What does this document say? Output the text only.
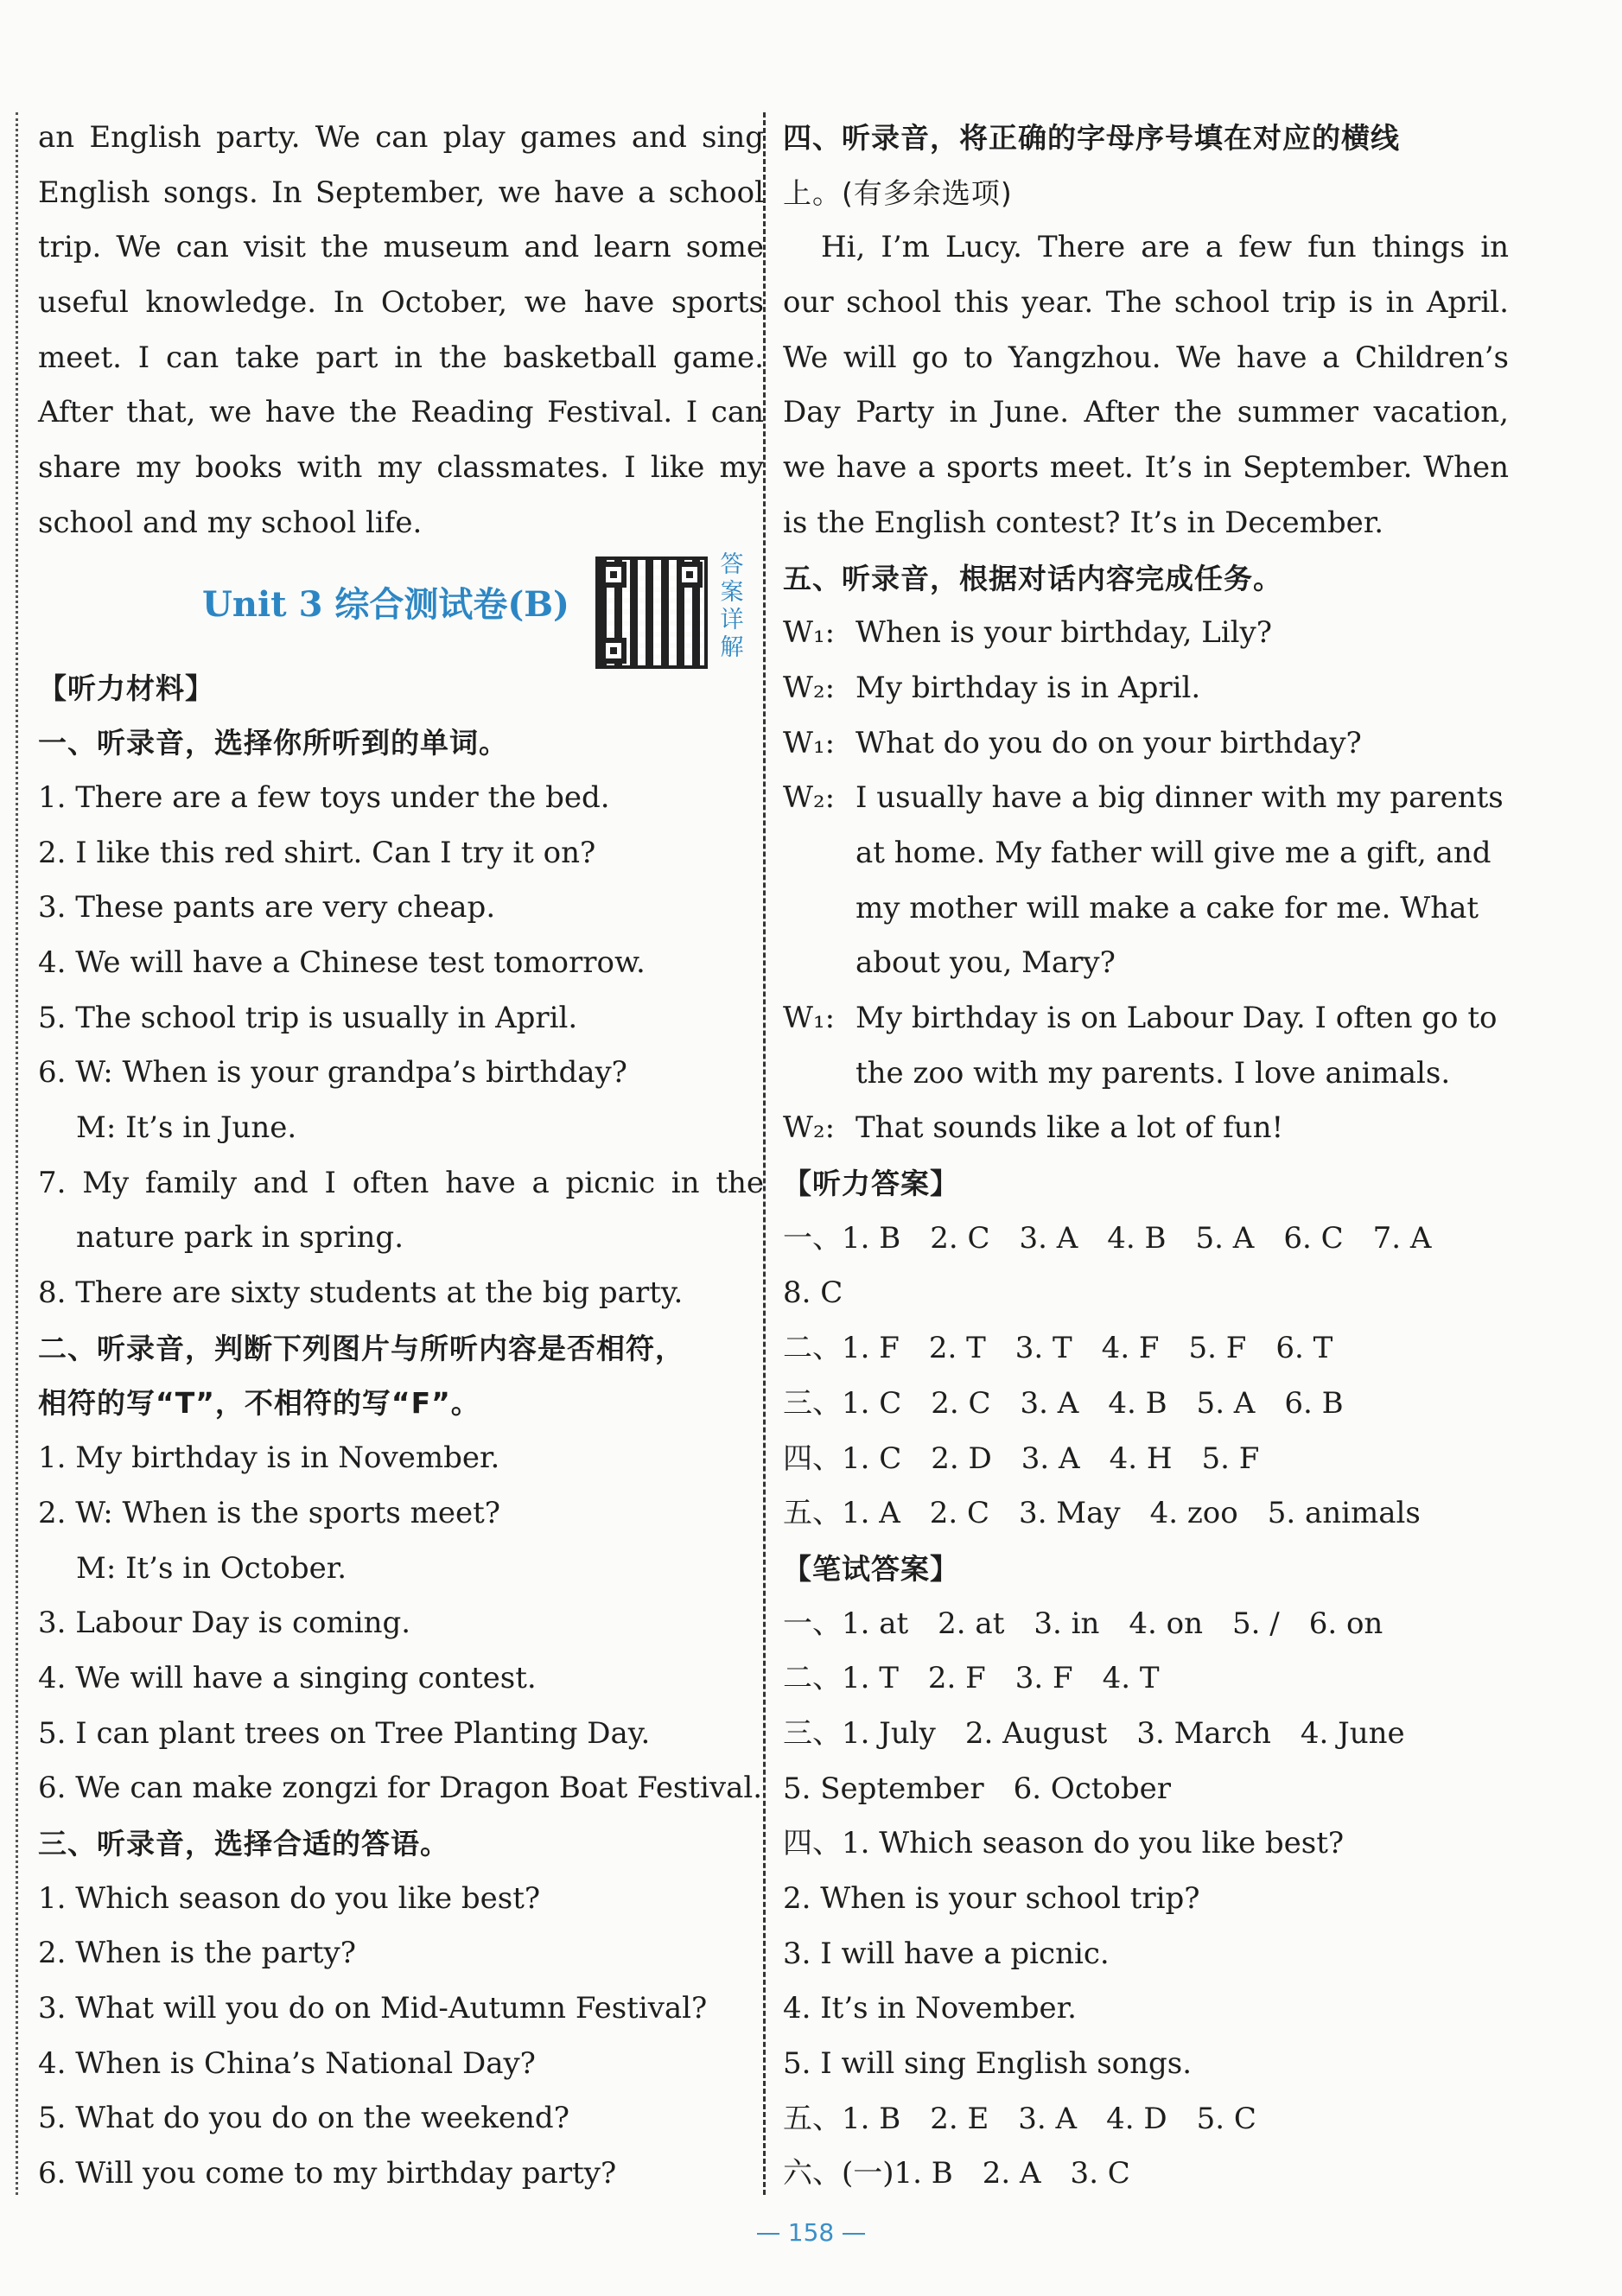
an English party. We can play games and sing
English songs. In September, we have a school
trip. We can visit the museum and learn some
useful knowledge. In October, we have sports
meet. I can take part in the basketball game.
After that, we have the Reading Festival. I can
share my books with my classmates. I like my
school and my school life.
Unit 3 综合测试卷(B)
答
案
详
解
【听力材料】
一、听录音，选择你所听到的单词。
1. There are a few toys under the bed.
2. I like this red shirt. Can I try it on?
3. These pants are very cheap.
4. We will have a Chinese test tomorrow.
5. The school trip is usually in April.
6. W: When is your grandpa’s birthday?
M: It’s in June.
7. My family and I often have a picnic in the
nature park in spring.
8. There are sixty students at the big party.
二、听录音，判断下列图片与所听内容是否相符，
相符的写“T”，不相符的写“F”。
1. My birthday is in November.
2. W: When is the sports meet?
M: It’s in October.
3. Labour Day is coming.
4. We will have a singing contest.
5. I can plant trees on Tree Planting Day.
6. We can make zongzi for Dragon Boat Festival.
三、听录音，选择合适的答语。
1. Which season do you like best?
2. When is the party?
3. What will you do on Mid-Autumn Festival?
4. When is China’s National Day?
5. What do you do on the weekend?
6. Will you come to my birthday party?
四、听录音，将正确的字母序号填在对应的横线
上。(有多余选项)
Hi, I’m Lucy. There are a few fun things in
our school this year. The school trip is in April.
We will go to Yangzhou. We have a Children’s
Day Party in June. After the summer vacation,
we have a sports meet. It’s in September. When
is the English contest? It’s in December.
五、听录音，根据对话内容完成任务。
W₁: When is your birthday, Lily?
W₂: My birthday is in April.
W₁: What do you do on your birthday?
W₂: I usually have a big dinner with my parents
at home. My father will give me a gift, and
my mother will make a cake for me. What
about you, Mary?
W₁: My birthday is on Labour Day. I often go to
the zoo with my parents. I love animals.
W₂: That sounds like a lot of fun!
【听力答案】
一、1. B　2. C　3. A　4. B　5. A　6. C　7. A
8. C
二、1. F　2. T　3. T　4. F　5. F　6. T
三、1. C　2. C　3. A　4. B　5. A　6. B
四、1. C　2. D　3. A　4. H　5. F
五、1. A　2. C　3. May　4. zoo　5. animals
【笔试答案】
一、1. at　2. at　3. in　4. on　5. /　6. on
二、1. T　2. F　3. F　4. T
三、1. July　2. August　3. March　4. June
5. September　6. October
四、1. Which season do you like best?
2. When is your school trip?
3. I will have a picnic.
4. It’s in November.
5. I will sing English songs.
五、1. B　2. E　3. A　4. D　5. C
六、(一)1. B　2. A　3. C
158
